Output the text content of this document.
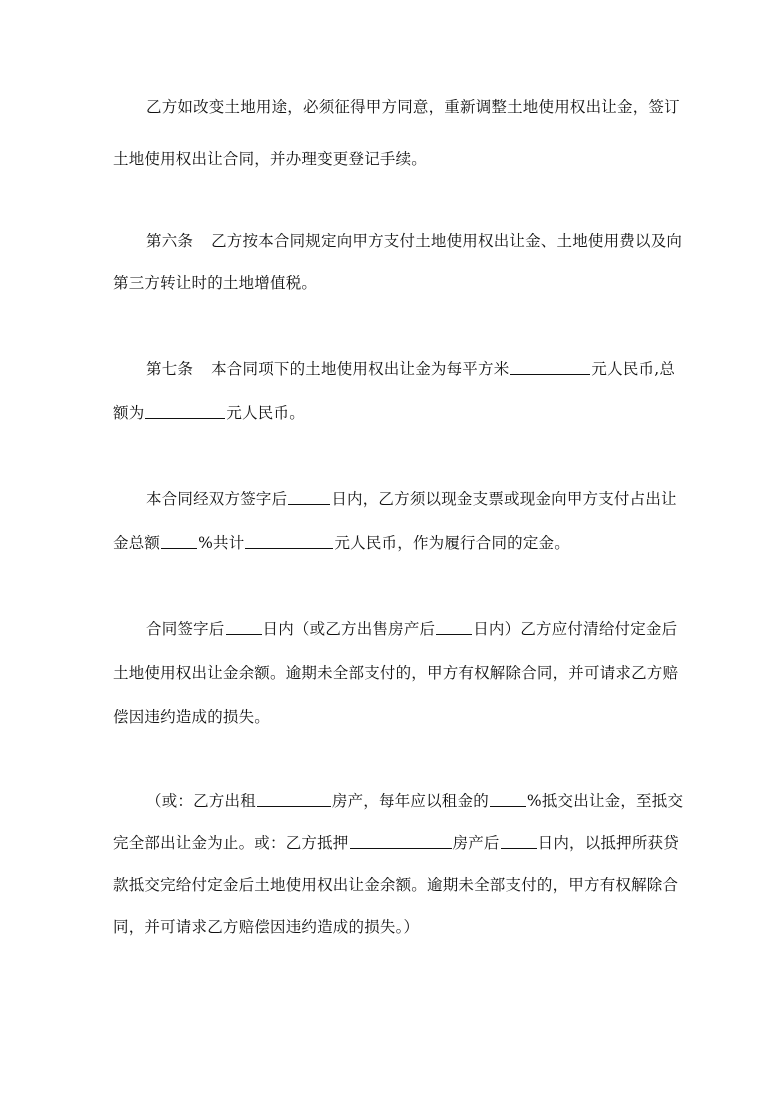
乙方如改变土地用途，必须征得甲方同意，重新调整土地使用权出让金，签订
土地使用权出让合同，并办理变更登记手续。
第六条 乙方按本合同规定向甲方支付土地使用权出让金、土地使用费以及向
第三方转让时的土地增值税。
第七条 本合同项下的土地使用权出让金为每平方米	元人民币,总
额为	元人民币。
本合同经双方签字后	日内，乙方须以现金支票或现金向甲方支付占出让
金总额 %共计	元人民币，作为履行合同的定金。
合同签字后 日内（或乙方出售房产后 日内）乙方应付清给付定金后
土地使用权出让金余额。逾期未全部支付的，甲方有权解除合同，并可请求乙方赔
偿因违约造成的损失。
（或：乙方出租	房产，每年应以租金的 %抵交出让金，至抵交
完全部出让金为止。或：乙方抵押	房产后 日内，以抵押所获贷
款抵交完给付定金后土地使用权出让金余额。逾期未全部支付的，甲方有权解除合
同，并可请求乙方赔偿因违约造成的损失。）
